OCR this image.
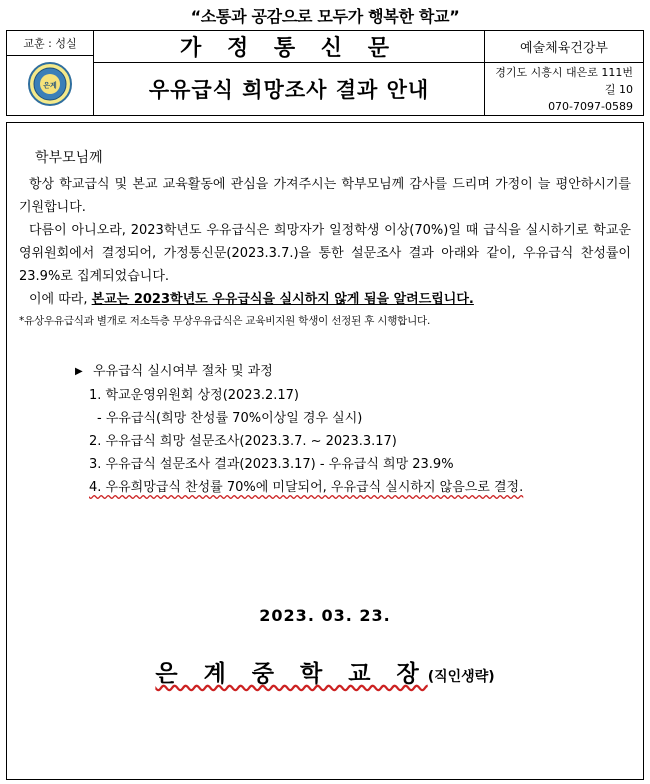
“소통과 공감으로 모두가 행복한 학교”
교훈 : 성실	가 정 통 신 문	예술체육건강부

은계		

	우유급식 희망조사 결과 안내	경기도 시흥시 대은로 111번길 10
070-7097-0589
학부모님께

항상 학교급식 및 본교 교육활동에 관심을 가져주시는 학부모님께 감사를 드리며 가정이 늘 평안하시기를 기원합니다.

다름이 아니오라, 2023학년도 우유급식은 희망자가 일정학생 이상(70%)일 때 급식을 실시하기로 학교운영위원회에서 결정되어, 가정통신문(2023.3.7.)을 통한 설문조사 결과 아래와 같이, 우유급식 찬성률이 23.9%로 집계되었습니다.

이에 따라, 본교는 2023학년도 우유급식을 실시하지 않게 됨을 알려드립니다.

*유상우유급식과 별개로 저소득층 무상우유급식은 교육비지원 학생이 선정된 후 시행합니다.
▶ 우유급식 실시여부 절차 및 과정
1. 학교운영위원회 상정(2023.2.17)
- 우유급식(희망 찬성률 70%이상일 경우 실시)
2. 우유급식 희망 설문조사(2023.3.7. ~ 2023.3.17)
3. 우유급식 설문조사 결과(2023.3.17) - 우유급식 희망 23.9%
4. 우유희망급식 찬성률 70%에 미달되어, 우유급식 실시하지 않음으로 결정.
2023. 03. 23.
은 계 중 학 교 장(직인생략)
